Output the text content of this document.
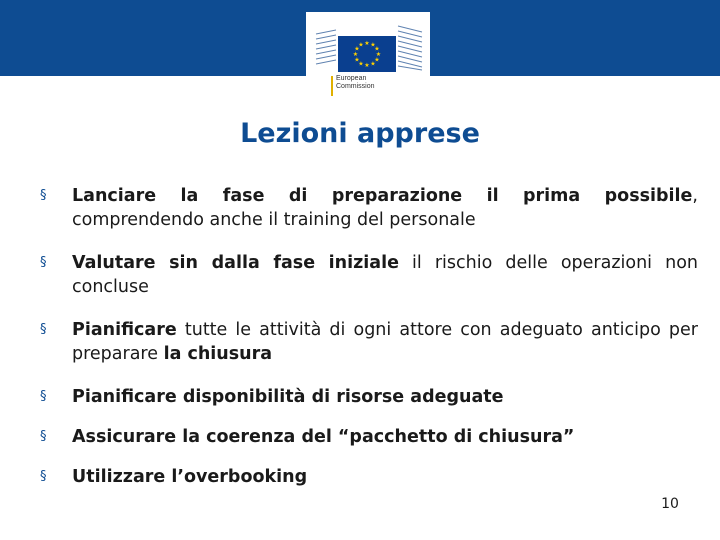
★ ★
★
★
★
★
★
★
★
★
★
★
European
Commission
Lezioni apprese
§ Lanciare la fase di preparazione il prima possibile, comprendendo anche il training del personale
§ Valutare sin dalla fase iniziale il rischio delle operazioni non concluse
§ Pianificare tutte le attività di ogni attore con adeguato anticipo per preparare la chiusura
§ Pianificare disponibilità di risorse adeguate
§ Assicurare la coerenza del “pacchetto di chiusura”
§ Utilizzare l’overbooking
10
